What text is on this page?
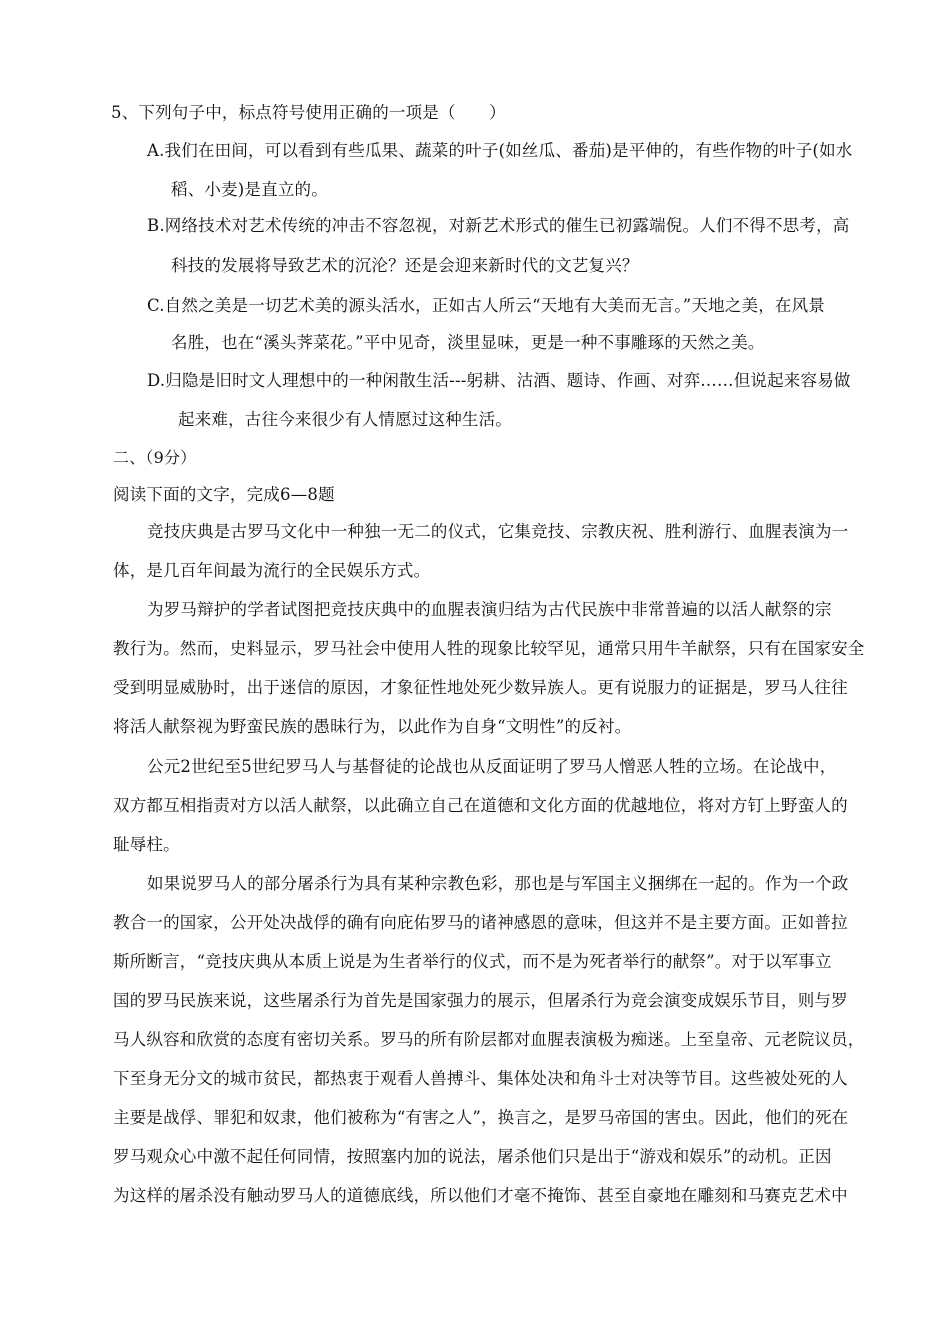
5、下列句子中，标点符号使用正确的一项是（　　）
A.我们在田间，可以看到有些瓜果、蔬菜的叶子(如丝瓜、番茄)是平伸的，有些作物的叶子(如水
稻、小麦)是直立的。
B.网络技术对艺术传统的冲击不容忽视，对新艺术形式的催生已初露端倪。人们不得不思考，高
科技的发展将导致艺术的沉沦？还是会迎来新时代的文艺复兴？
C.自然之美是一切艺术美的源头活水，正如古人所云“天地有大美而无言。”天地之美，在风景
名胜，也在“溪头荠菜花。”平中见奇，淡里显味，更是一种不事雕琢的天然之美。
D.归隐是旧时文人理想中的一种闲散生活---躬耕、沽酒、题诗、作画、对弈……但说起来容易做
起来难，古往今来很少有人情愿过这种生活。
二、（9分）
阅读下面的文字，完成6—8题
竞技庆典是古罗马文化中一种独一无二的仪式，它集竞技、宗教庆祝、胜利游行、血腥表演为一
体，是几百年间最为流行的全民娱乐方式。
为罗马辩护的学者试图把竞技庆典中的血腥表演归结为古代民族中非常普遍的以活人献祭的宗
教行为。然而，史料显示，罗马社会中使用人牲的现象比较罕见，通常只用牛羊献祭，只有在国家安全
受到明显威胁时，出于迷信的原因，才象征性地处死少数异族人。更有说服力的证据是，罗马人往往
将活人献祭视为野蛮民族的愚昧行为，以此作为自身“文明性”的反衬。
公元2世纪至5世纪罗马人与基督徒的论战也从反面证明了罗马人憎恶人牲的立场。在论战中，
双方都互相指责对方以活人献祭，以此确立自己在道德和文化方面的优越地位，将对方钉上野蛮人的
耻辱柱。
如果说罗马人的部分屠杀行为具有某种宗教色彩，那也是与军国主义捆绑在一起的。作为一个政
教合一的国家，公开处决战俘的确有向庇佑罗马的诸神感恩的意味，但这并不是主要方面。正如普拉
斯所断言，“竞技庆典从本质上说是为生者举行的仪式，而不是为死者举行的献祭”。对于以军事立
国的罗马民族来说，这些屠杀行为首先是国家强力的展示，但屠杀行为竞会演变成娱乐节目，则与罗
马人纵容和欣赏的态度有密切关系。罗马的所有阶层都对血腥表演极为痴迷。上至皇帝、元老院议员，
下至身无分文的城市贫民，都热衷于观看人兽搏斗、集体处决和角斗士对决等节目。这些被处死的人
主要是战俘、罪犯和奴隶，他们被称为“有害之人”，换言之，是罗马帝国的害虫。因此，他们的死在
罗马观众心中激不起任何同情，按照塞内加的说法，屠杀他们只是出于“游戏和娱乐”的动机。正因
为这样的屠杀没有触动罗马人的道德底线，所以他们才毫不掩饰、甚至自豪地在雕刻和马赛克艺术中
